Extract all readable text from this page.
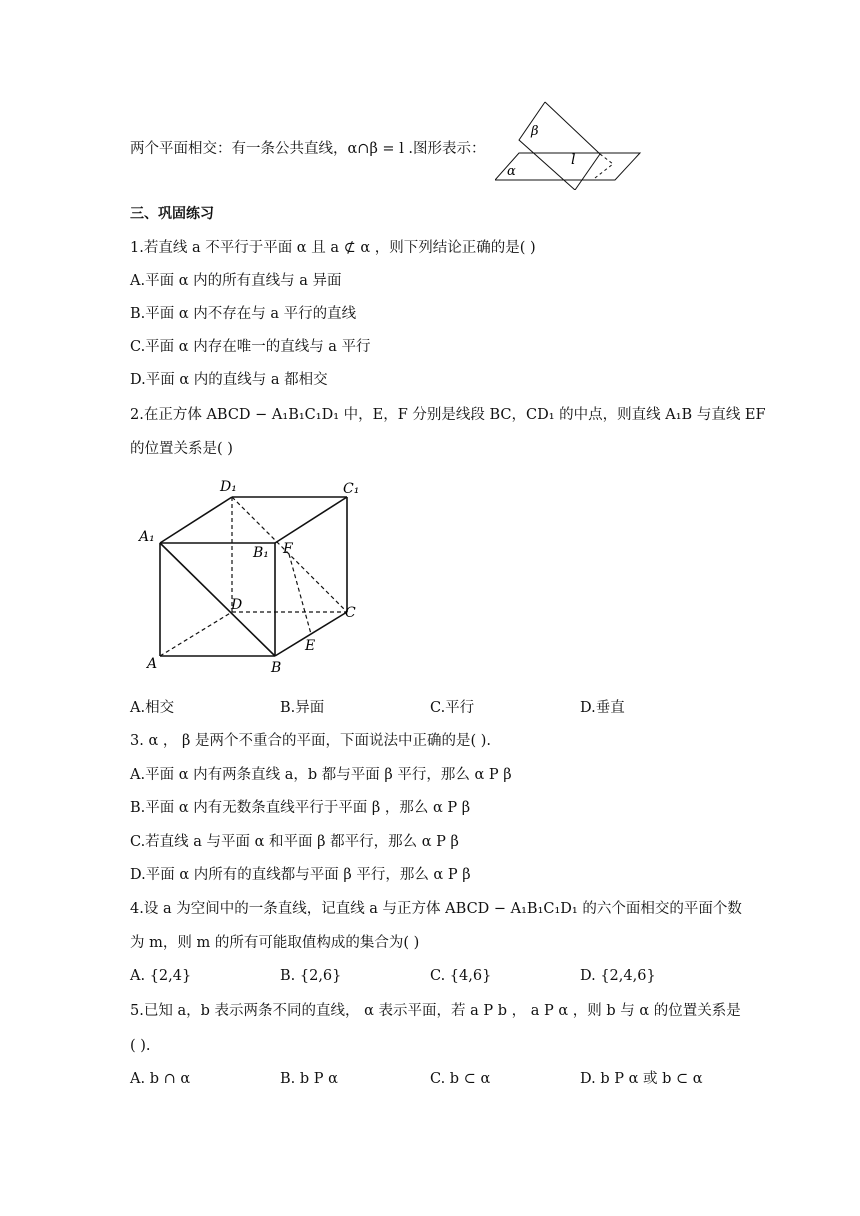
两个平面相交：有一条公共直线，α∩β = l .图形表示：
β
l
α
三、巩固练习
1.若直线 a 不平行于平面 α 且 a ⊄ α ，则下列结论正确的是( )
A.平面 α 内的所有直线与 a 异面
B.平面 α 内不存在与 a 平行的直线
C.平面 α 内存在唯一的直线与 a 平行
D.平面 α 内的直线与 a 都相交
2.在正方体 ABCD − A₁B₁C₁D₁ 中，E，F 分别是线段 BC，CD₁ 的中点，则直线 A₁B 与直线 EF
的位置关系是( )
D₁	C₁
A₁
B₁ F
D	C
A	B
E
A.相交	B.异面	C.平行	D.垂直
3. α ， β 是两个不重合的平面，下面说法中正确的是( ).
A.平面 α 内有两条直线 a，b 都与平面 β 平行，那么 α P β
B.平面 α 内有无数条直线平行于平面 β ，那么 α P β
C.若直线 a 与平面 α 和平面 β 都平行，那么 α P β
D.平面 α 内所有的直线都与平面 β 平行，那么 α P β
4.设 a 为空间中的一条直线，记直线 a 与正方体 ABCD − A₁B₁C₁D₁ 的六个面相交的平面个数
为 m，则 m 的所有可能取值构成的集合为( )
A. {2,4}	B. {2,6}	C. {4,6}	D. {2,4,6}
5.已知 a，b 表示两条不同的直线， α 表示平面，若 a P b ， a P α ，则 b 与 α 的位置关系是
( ).
A. b ∩ α	B. b P α	C. b ⊂ α	D. b P α 或 b ⊂ α
